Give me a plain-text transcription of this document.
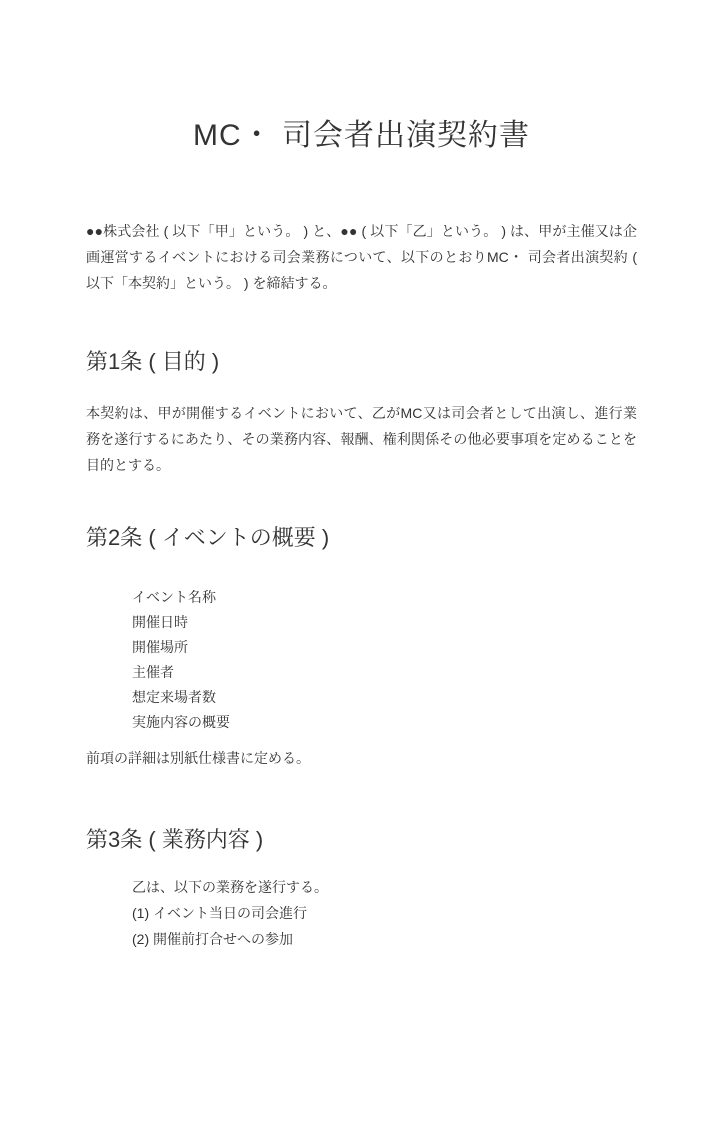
MC・ 司会者出演契約書

●●株式会社 ( 以下「甲」という。 ) と、●● ( 以下「乙」という。 ) は、甲が主催又は企画運営するイベントにおける司会業務について、以下のとおりMC・ 司会者出演契約 ( 以下「本契約」という。 ) を締結する。

第1条 ( 目的 )

本契約は、甲が開催するイベントにおいて、乙がMC又は司会者として出演し、進行業務を遂行するにあたり、その業務内容、報酬、権利関係その他必要事項を定めることを目的とする。

第2条 ( イベントの概要 )
イベント名称
開催日時
開催場所
主催者
想定来場者数
実施内容の概要

前項の詳細は別紙仕様書に定める。

第3条 ( 業務内容 )
乙は、以下の業務を遂行する。
(1) イベント当日の司会進行
(2) 開催前打合せへの参加
